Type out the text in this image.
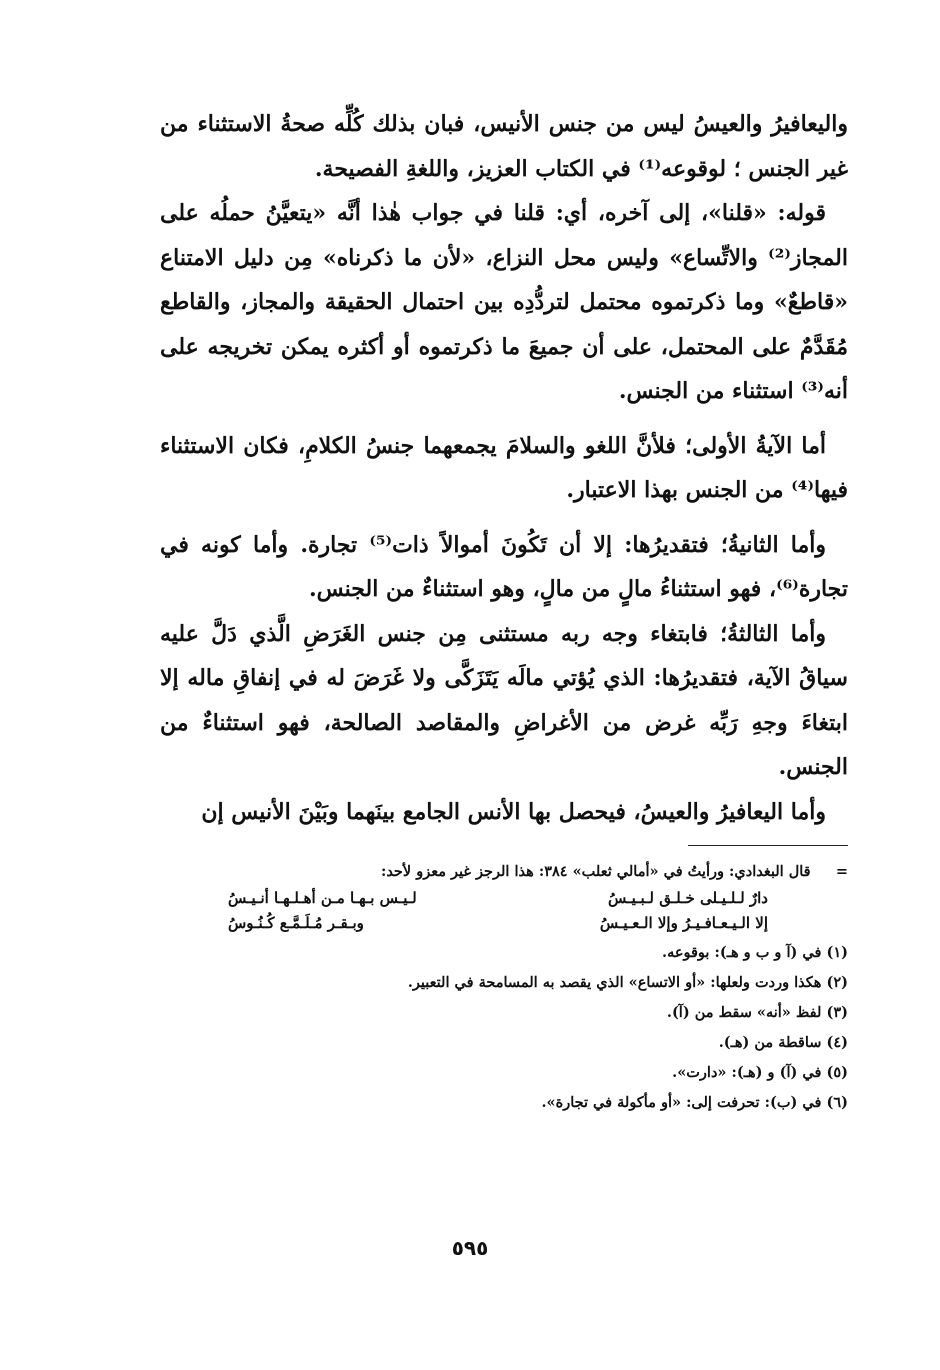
واليعافيرُ والعيسُ ليس من جنس الأنيس، فبان بذلك كُلِّه صحةُ الاستثناء من غير الجنس ؛ لوقوعه⁽¹⁾ في الكتاب العزيز، واللغةِ الفصيحة.

قوله: «قلنا»، إلى آخره، أي: قلنا في جواب هٰذا أنَّه «يتعيَّنُ حملُه على المجاز⁽²⁾ والاتِّساع» وليس محل النزاع، «لأن ما ذكرناه» مِن دليل الامتناع «قاطعٌ» وما ذكرتموه محتمل لتردُّدِه بين احتمال الحقيقة والمجاز، والقاطع مُقَدَّمٌ على المحتمل، على أن جميعَ ما ذكرتموه أو أكثره يمكن تخريجه على أنه⁽³⁾ استثناء من الجنس.

أما الآيةُ الأولى؛ فلأنَّ اللغو والسلامَ يجمعهما جنسُ الكلامِ، فكان الاستثناء فيها⁽⁴⁾ من الجنس بهذا الاعتبار.

وأما الثانيةُ؛ فتقديرُها: إلا أن تَكُونَ أموالاً ذات⁽⁵⁾ تجارة. وأما كونه في تجارة⁽⁶⁾، فهو استثناءُ مالٍ من مالٍ، وهو استثناءٌ من الجنس.

وأما الثالثةُ؛ فابتغاء وجه ربه مستثنى مِن جنس الغَرَضِ الَّذي دَلَّ عليه سياقُ الآية، فتقديرُها: الذي يُؤتي مالَه يَتَزَكَّى ولا غَرَضَ له في إنفاقِ ماله إلا ابتغاءَ وجهِ رَبِّه غرض من الأغراضِ والمقاصد الصالحة، فهو استثناءٌ من الجنس.

وأما اليعافيرُ والعيسُ، فيحصل بها الأنس الجامع بينَهما وبَيْنَ الأنيس إن

=     قال البغدادي: ورأيتُ في «أمالي ثعلب» ٣٨٤: هذا الرجز غير معزو لأحد:
دارٌ لـلـيـلى خـلـق لـبـيـسُ
لـيـس بـهـا مـن أهـلـهـا أنـيـسُ
إلا الـيـعـافـيـرُ وإلا الـعـيـسُ
وبـقـر مُـلَـمَّـع كُـنُـوسُ
(١) في (آ و ب و هـ): بوقوعه.
(٢) هكذا وردت ولعلها: «أو الاتساع» الذي يقصد به المسامحة في التعبير.
(٣) لفظ «أنه» سقط من (آ).
(٤) ساقطة من (هـ).
(٥) في (آ) و (هـ): «دارت».
(٦) في (ب): تحرفت إلى: «أو مأكولة في تجارة».
٥٩٥
